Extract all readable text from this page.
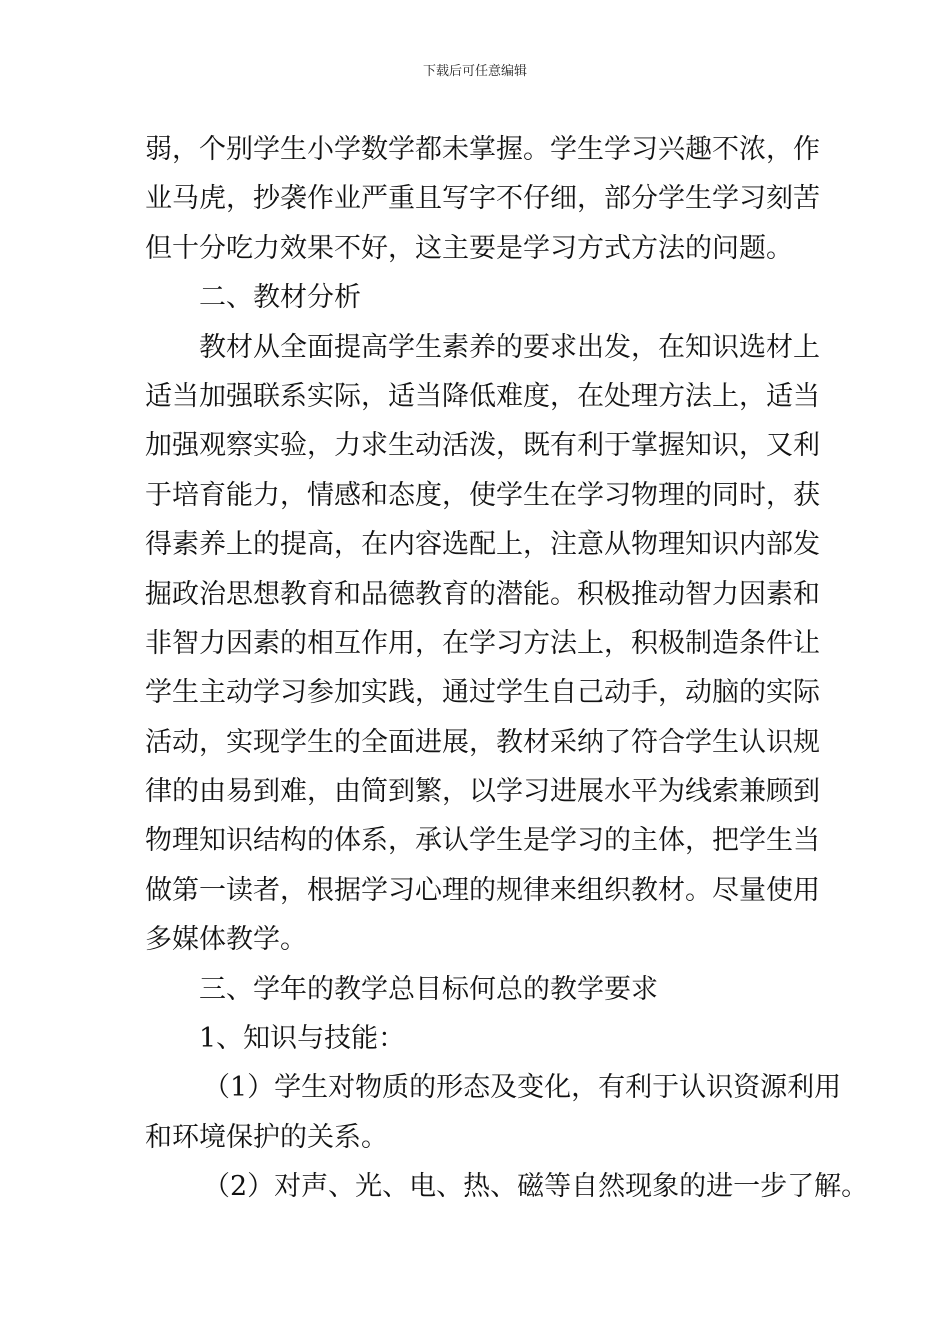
下载后可任意编辑
弱，个别学生小学数学都未掌握。学生学习兴趣不浓，作
业马虎，抄袭作业严重且写字不仔细，部分学生学习刻苦
但十分吃力效果不好，这主要是学习方式方法的问题。
二、教材分析
教材从全面提高学生素养的要求出发，在知识选材上
适当加强联系实际，适当降低难度，在处理方法上，适当
加强观察实验，力求生动活泼，既有利于掌握知识，又利
于培育能力，情感和态度，使学生在学习物理的同时，获
得素养上的提高，在内容选配上，注意从物理知识内部发
掘政治思想教育和品德教育的潜能。积极推动智力因素和
非智力因素的相互作用，在学习方法上，积极制造条件让
学生主动学习参加实践，通过学生自己动手，动脑的实际
活动，实现学生的全面进展，教材采纳了符合学生认识规
律的由易到难，由简到繁，以学习进展水平为线索兼顾到
物理知识结构的体系，承认学生是学习的主体，把学生当
做第一读者，根据学习心理的规律来组织教材。尽量使用
多媒体教学。
三、学年的教学总目标何总的教学要求
1、知识与技能：
（1）学生对物质的形态及变化，有利于认识资源利用
和环境保护的关系。
（2）对声、光、电、热、磁等自然现象的进一步了解。
